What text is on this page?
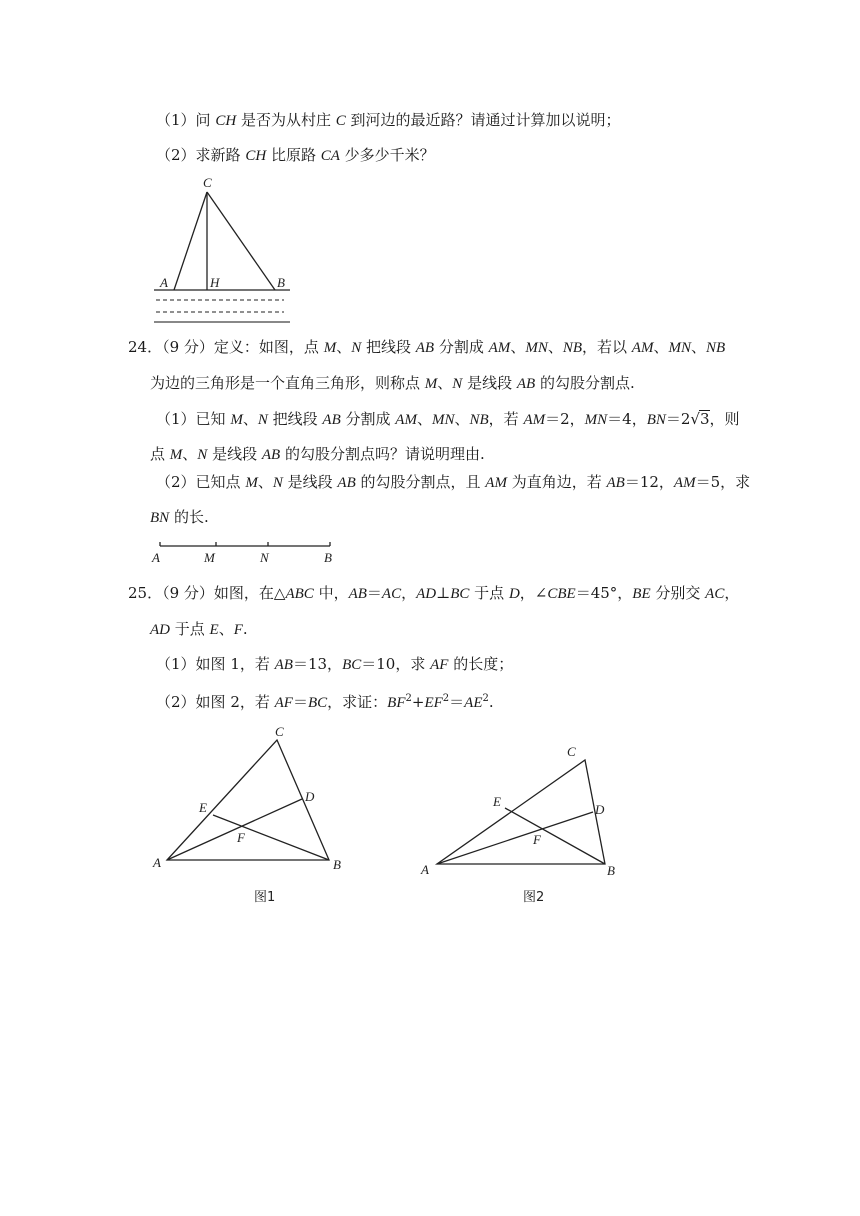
（1）问 CH 是否为从村庄 C 到河边的最近路？请通过计算加以说明；
（2）求新路 CH 比原路 CA 少多少千米？
C
A	H	B
24．（9 分）定义：如图，点 M、N 把线段 AB 分割成 AM、MN、NB，若以 AM、MN、NB
为边的三角形是一个直角三角形，则称点 M、N 是线段 AB 的勾股分割点.
（1）已知 M、N 把线段 AB 分割成 AM、MN、NB，若 AM＝2，MN＝4，BN＝2√
3，则
点 M、N 是线段 AB 的勾股分割点吗？请说明理由.
（2）已知点 M、N 是线段 AB 的勾股分割点，且 AM 为直角边，若 AB＝12，AM＝5，求
BN 的长.
A	M	N	B
25．（9 分）如图，在△ABC 中，AB＝AC，AD⊥BC 于点 D，∠CBE＝45°，BE 分别交 AC，
AD 于点 E、F.
（1）如图 1，若 AB＝13，BC＝10，求 AF 的长度；
（2）如图 2，若 AF＝BC，求证：$BF^2+EF^2=AE^2$.
C
E
D
F
A	B
图1
C
E
D
F
A	B
图2
